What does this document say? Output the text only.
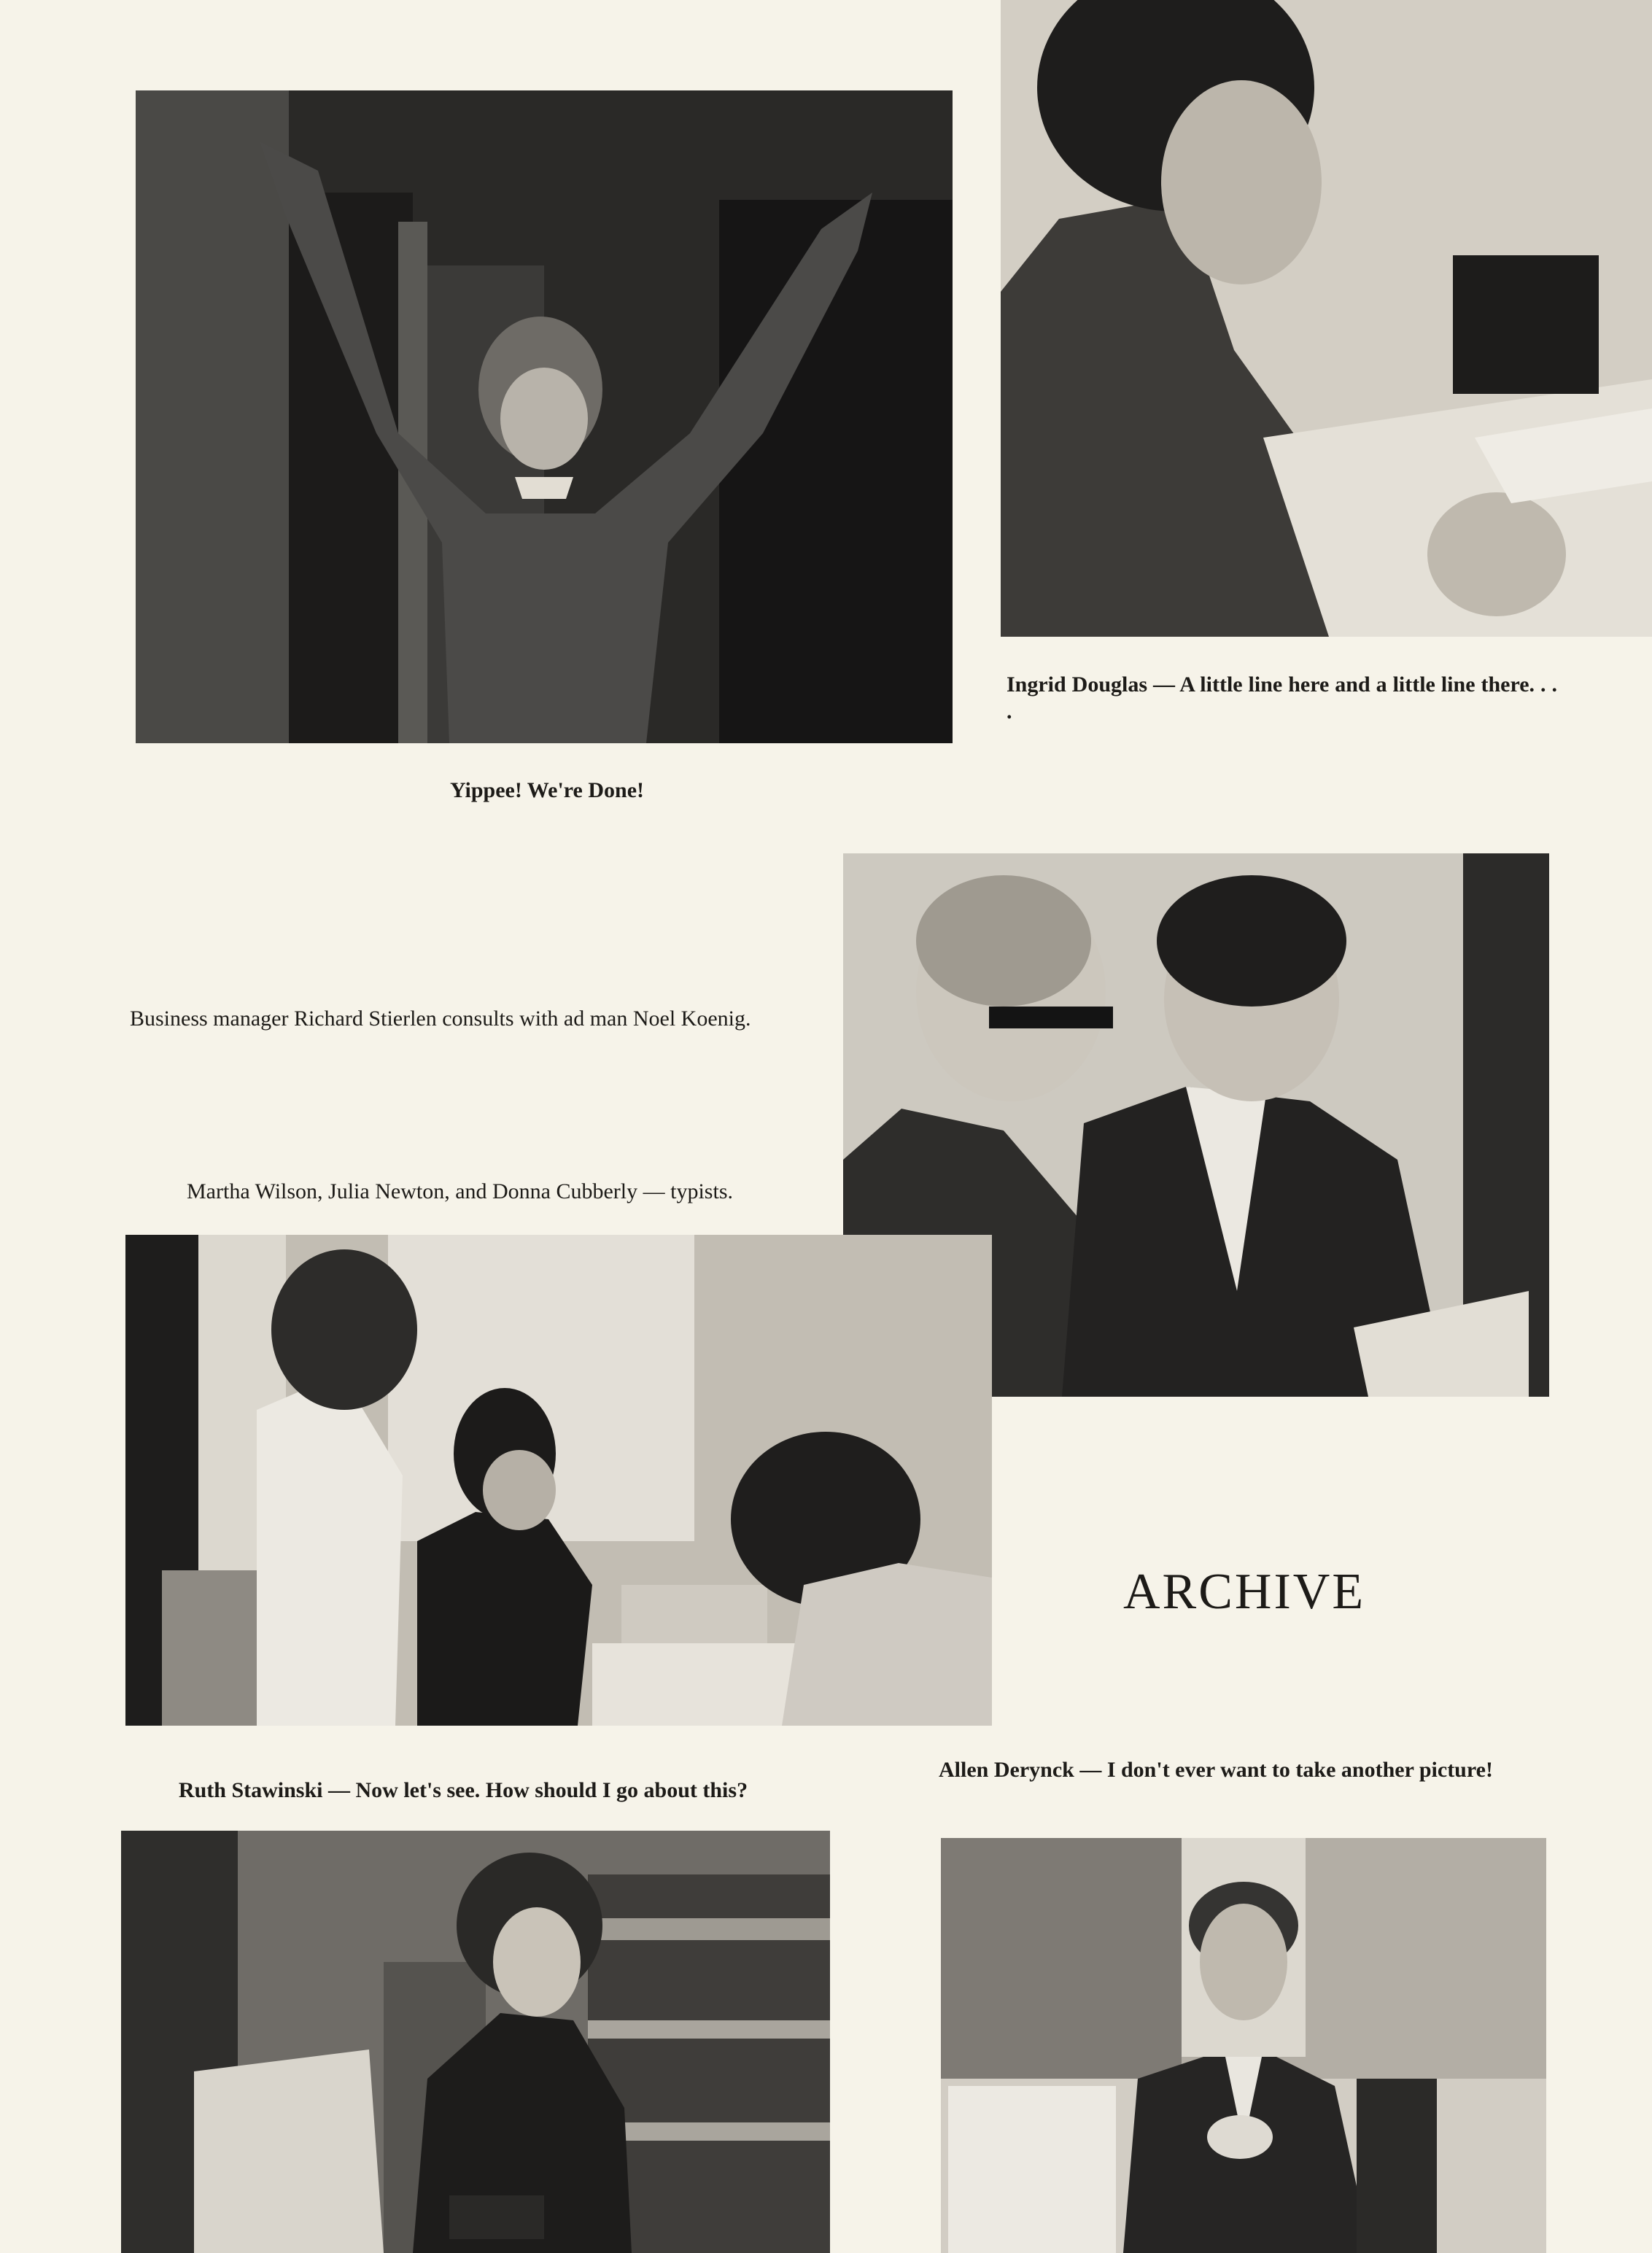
Yippee! We're Done!

Ingrid Douglas — A little line here and a little line there. . . .

Business manager Richard Stierlen consults with ad man Noel Koenig.

Martha Wilson, Julia Newton, and Donna Cubberly — typists.

ARCHIVE

Ruth Stawinski — Now let's see. How should I go about this?

Allen Derynck — I don't ever want to take another picture!
